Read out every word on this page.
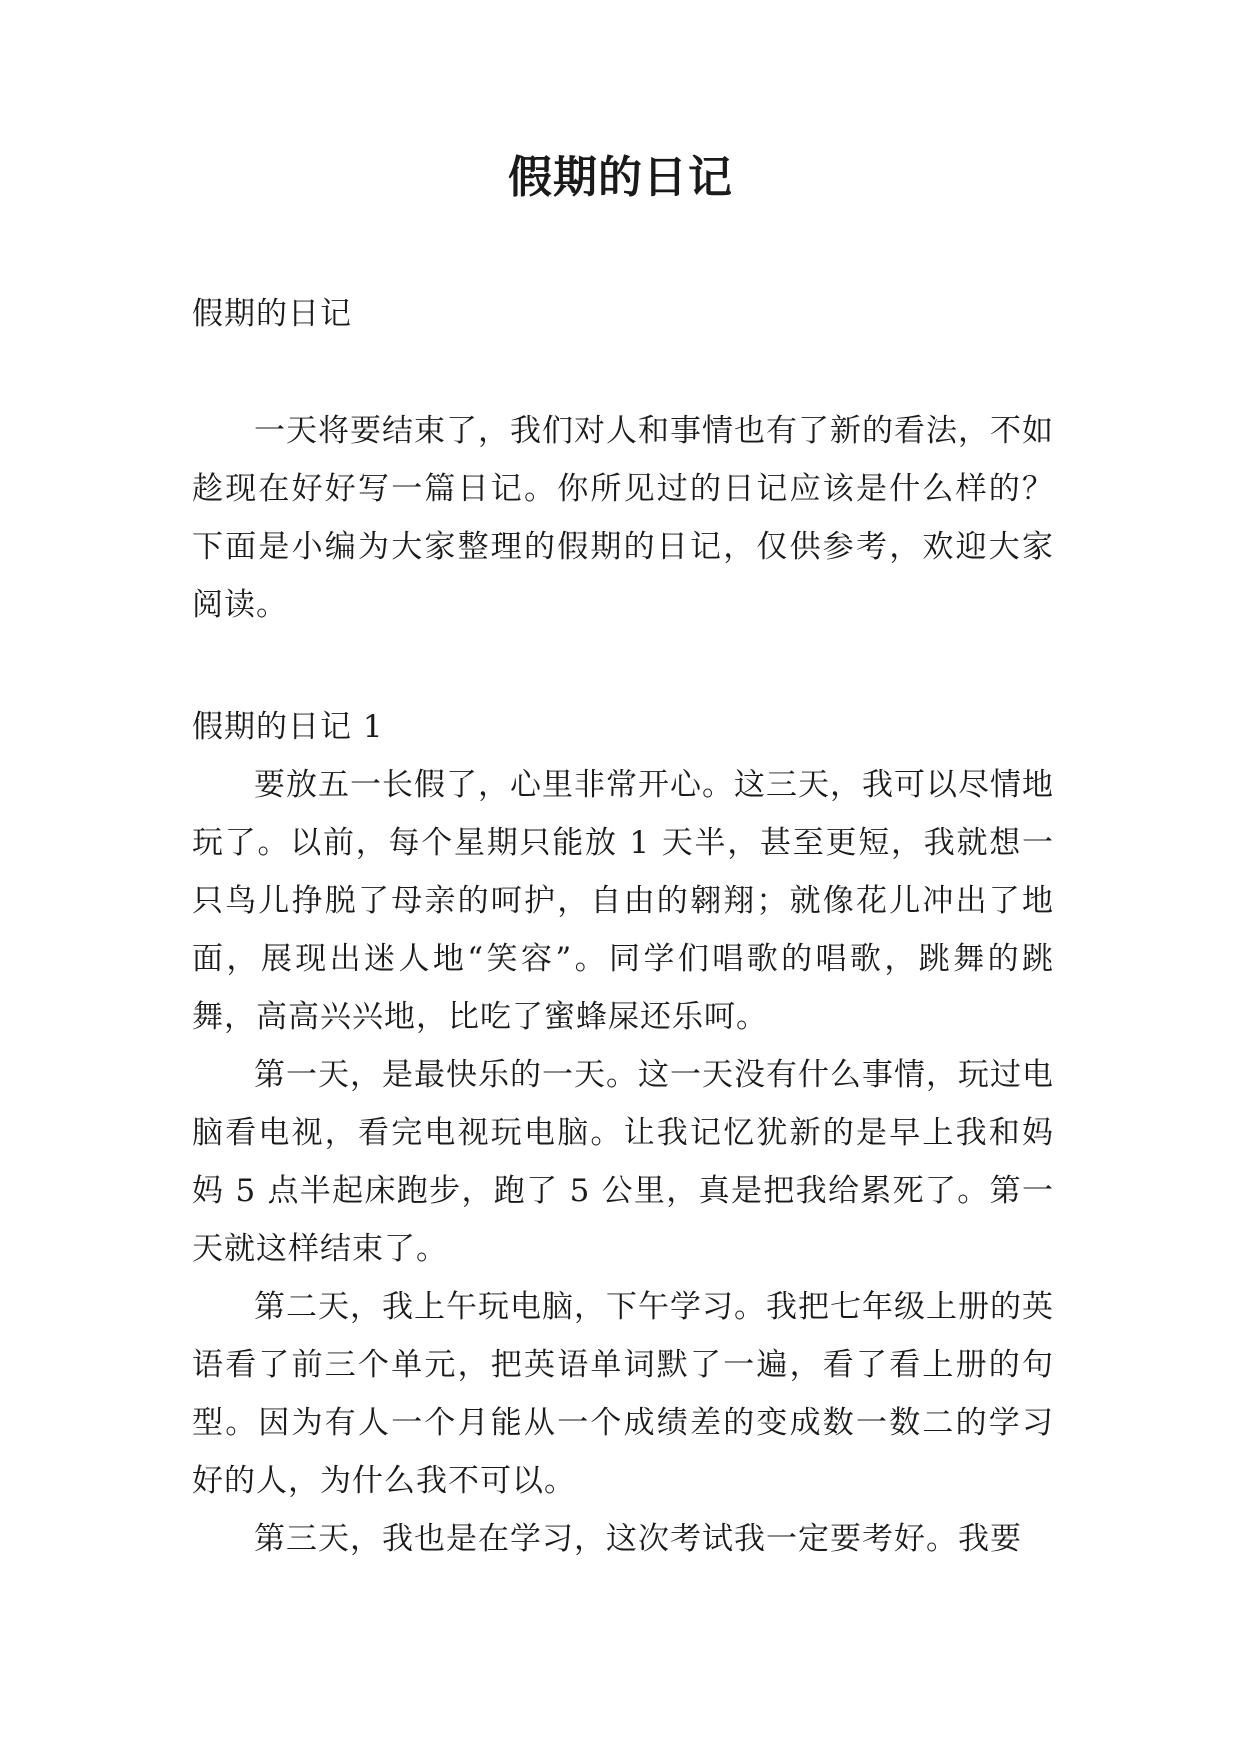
假期的日记

假期的日记

一天将要结束了，我们对人和事情也有了新的看法，不如趁现在好好写一篇日记。你所见过的日记应该是什么样的？下面是小编为大家整理的假期的日记，仅供参考，欢迎大家阅读。

假期的日记 1

要放五一长假了，心里非常开心。这三天，我可以尽情地玩了。以前，每个星期只能放 1 天半，甚至更短，我就想一只鸟儿挣脱了母亲的呵护，自由的翱翔；就像花儿冲出了地面，展现出迷人地“笑容”。同学们唱歌的唱歌，跳舞的跳舞，高高兴兴地，比吃了蜜蜂屎还乐呵。

第一天，是最快乐的一天。这一天没有什么事情，玩过电脑看电视，看完电视玩电脑。让我记忆犹新的是早上我和妈妈 5 点半起床跑步，跑了 5 公里，真是把我给累死了。第一天就这样结束了。

第二天，我上午玩电脑，下午学习。我把七年级上册的英语看了前三个单元，把英语单词默了一遍，看了看上册的句型。因为有人一个月能从一个成绩差的变成数一数二的学习好的人，为什么我不可以。

第三天，我也是在学习，这次考试我一定要考好。我要
